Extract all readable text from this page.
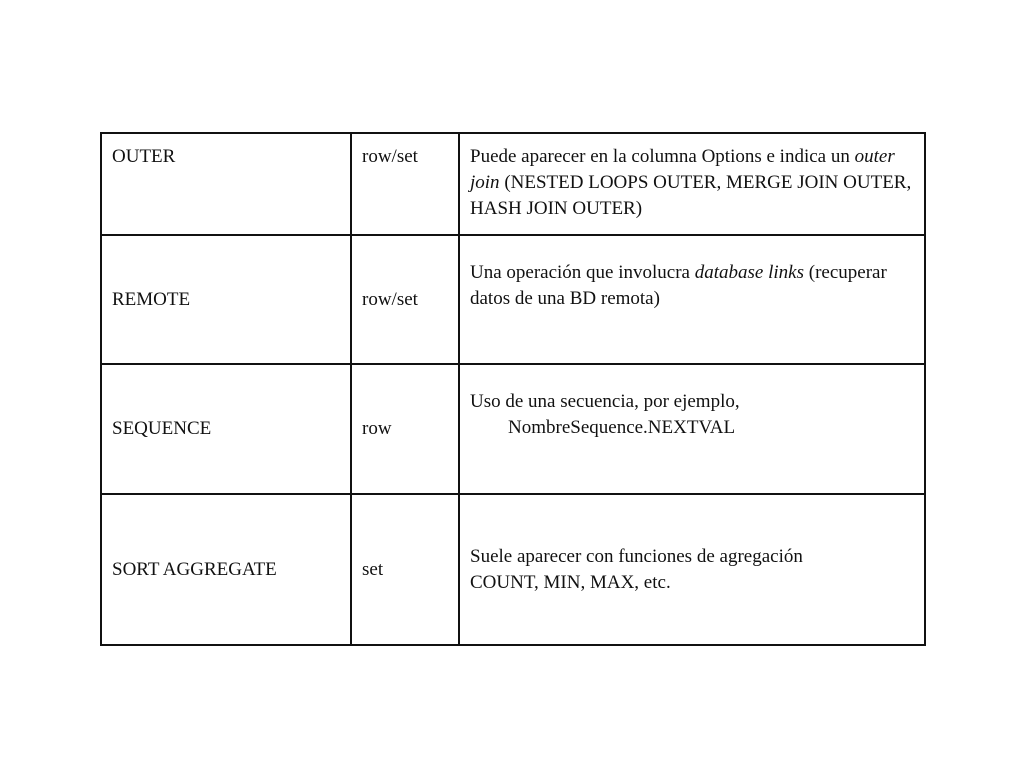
OUTER	row/set	Puede aparecer en la columna Options e indica un outer join (NESTED LOOPS OUTER, MERGE JOIN OUTER, HASH JOIN OUTER)
REMOTE	row/set	Una operación que involucra database links (recuperar datos de una BD remota)
SEQUENCE	row	Uso de una secuencia, por ejemplo,
NombreSequence.NEXTVAL

SORT AGGREGATE	set	Suele aparecer con funciones de agregación
COUNT, MIN, MAX, etc.
